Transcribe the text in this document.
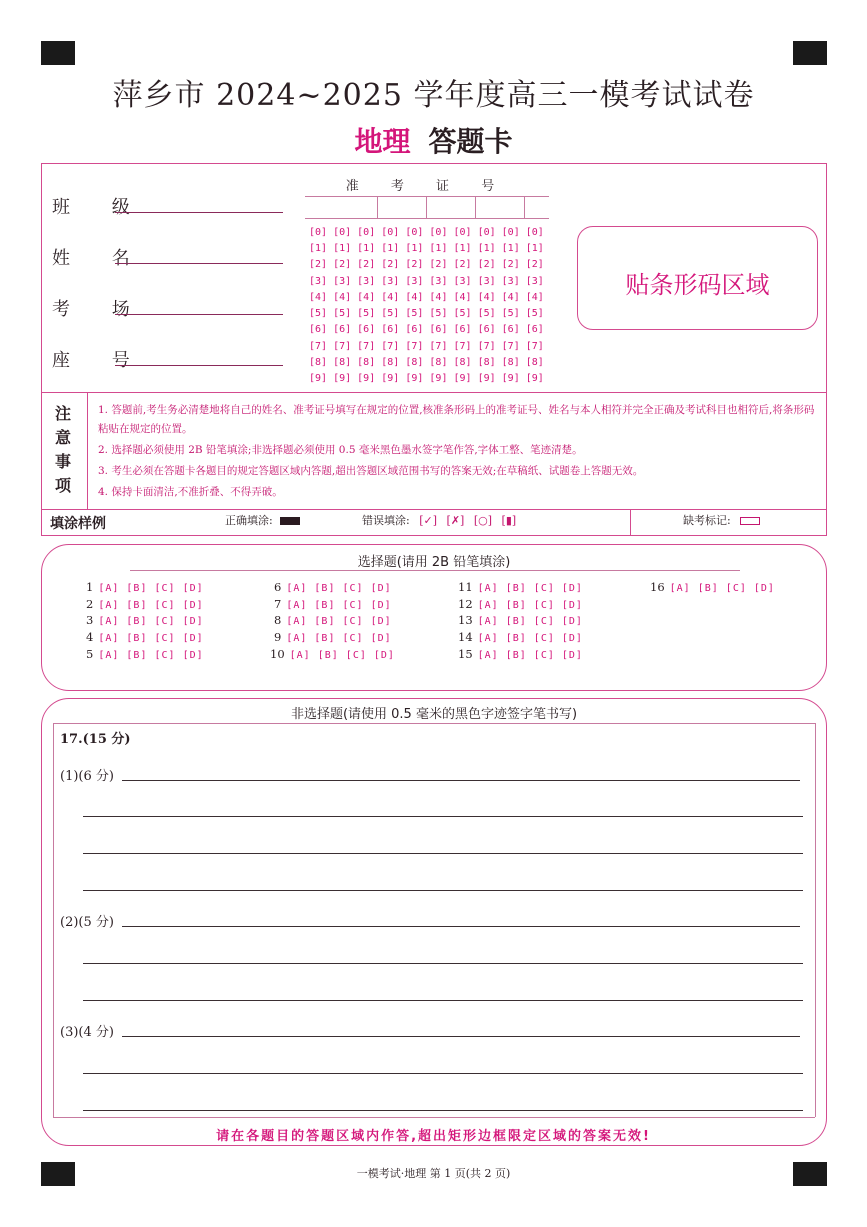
萍乡市 2024~2025 学年度高三一模考试试卷
地理 答题卡
班 级
姓 名
考 场
座 号
准 考 证 号
[0] [0] [0] [0] [0] [0] [0] [0] [0] [0]
[1] [1] [1] [1] [1] [1] [1] [1] [1] [1]
[2] [2] [2] [2] [2] [2] [2] [2] [2] [2]
[3] [3] [3] [3] [3] [3] [3] [3] [3] [3]
[4] [4] [4] [4] [4] [4] [4] [4] [4] [4]
[5] [5] [5] [5] [5] [5] [5] [5] [5] [5]
[6] [6] [6] [6] [6] [6] [6] [6] [6] [6]
[7] [7] [7] [7] [7] [7] [7] [7] [7] [7]
[8] [8] [8] [8] [8] [8] [8] [8] [8] [8]
[9] [9] [9] [9] [9] [9] [9] [9] [9] [9]
贴条形码区域
注意事项
1. 答题前,考生务必清楚地将自己的姓名、准考证号填写在规定的位置,核准条形码上的准考证号、姓名与本人相符并完全正确及考试科目也相符后,将条形码粘贴在规定的位置。
2. 选择题必须使用 2B 铅笔填涂;非选择题必须使用 0.5 毫米黑色墨水签字笔作答,字体工整、笔迹清楚。
3. 考生必须在答题卡各题目的规定答题区域内答题,超出答题区域范围书写的答案无效;在草稿纸、试题卷上答题无效。
4. 保持卡面清洁,不准折叠、不得弄破。
填涂样例	正确填涂:	错误填涂: [✓] [✗] [○] [▮]	缺考标记:
选择题(请用 2B 铅笔填涂)
1 [A] [B] [C] [D]
2 [A] [B] [C] [D]
3 [A] [B] [C] [D]
4 [A] [B] [C] [D]
5 [A] [B] [C] [D]
6 [A] [B] [C] [D]
7 [A] [B] [C] [D]
8 [A] [B] [C] [D]
9 [A] [B] [C] [D]
10 [A] [B] [C] [D]
11 [A] [B] [C] [D]
12 [A] [B] [C] [D]
13 [A] [B] [C] [D]
14 [A] [B] [C] [D]
15 [A] [B] [C] [D]
16 [A] [B] [C] [D]
非选择题(请使用 0.5 毫米的黑色字迹签字笔书写)
17.(15 分)
(1)(6 分)
(2)(5 分)
(3)(4 分)
请在各题目的答题区域内作答,超出矩形边框限定区域的答案无效!
一模考试·地理 第 1 页(共 2 页)
